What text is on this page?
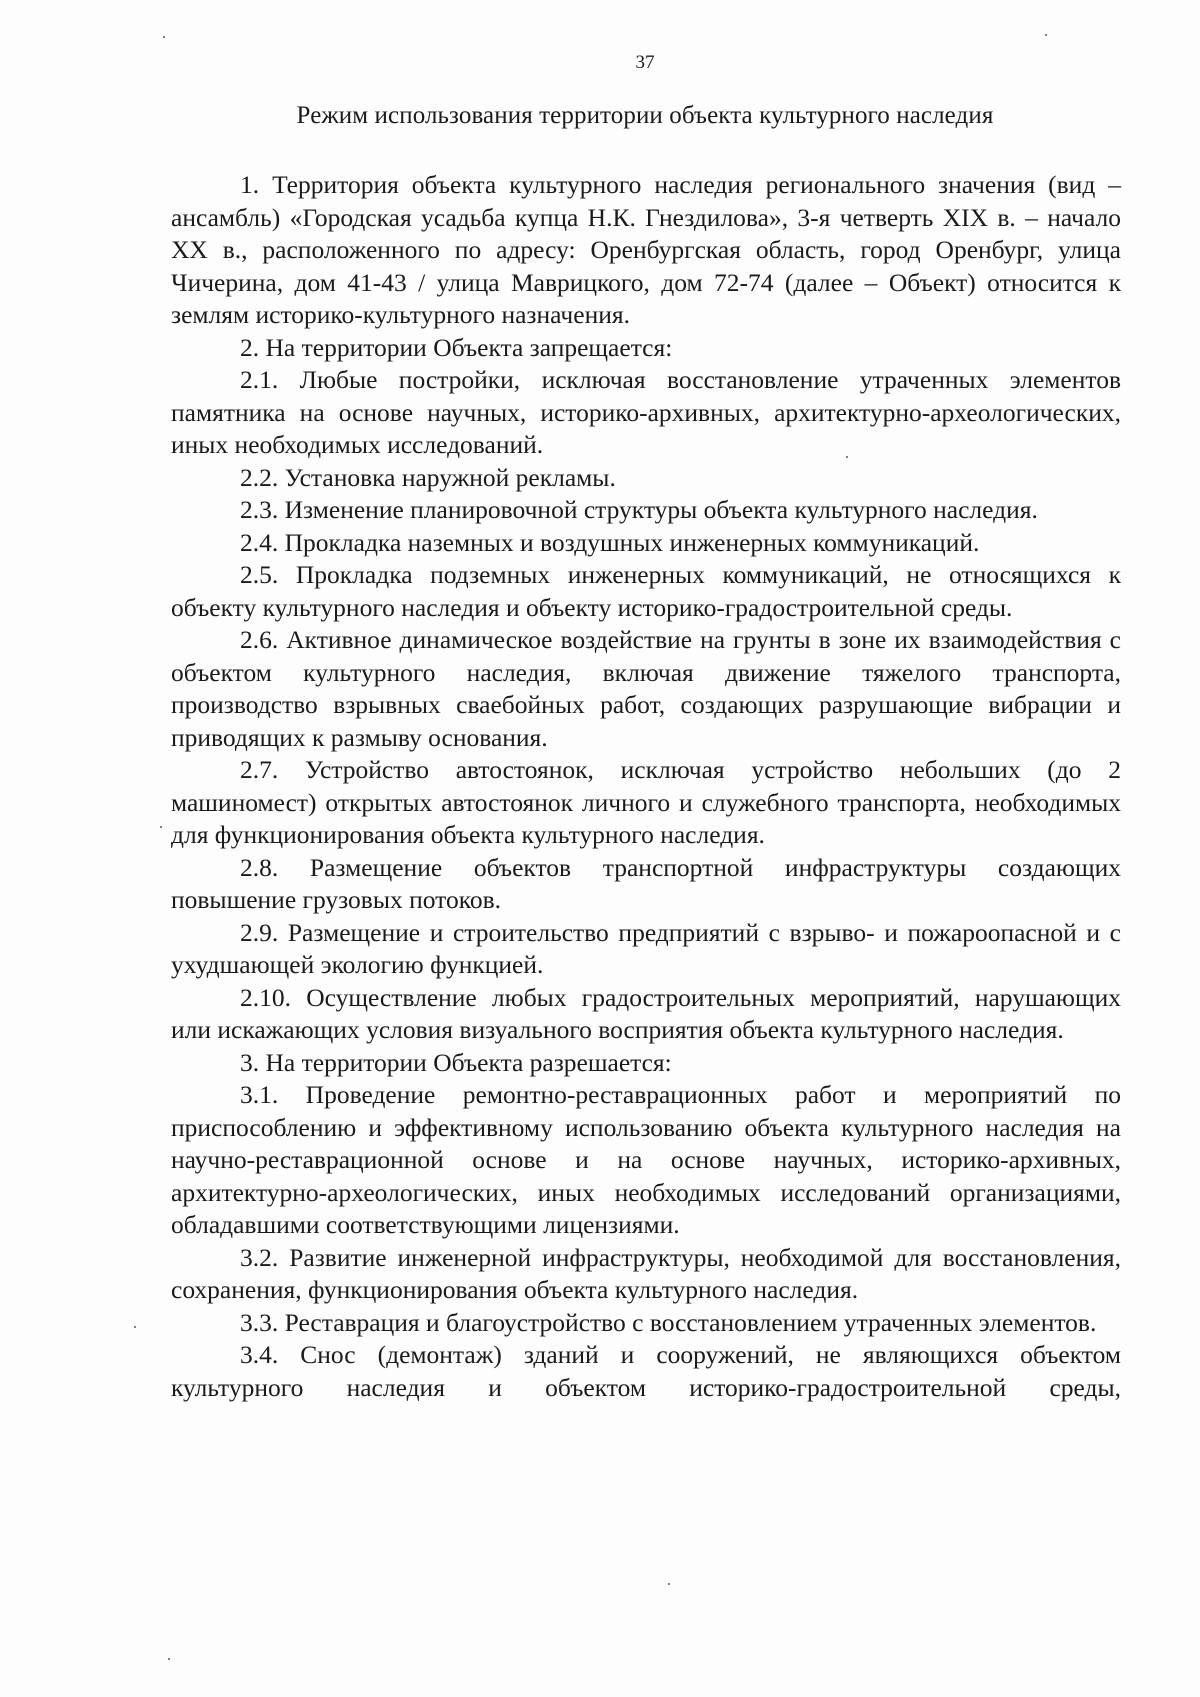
37
Режим использования территории объекта культурного наследия

1. Территория объекта культурного наследия регионального значения (вид – ансамбль) «Городская усадьба купца Н.К. Гнездилова», 3-я четверть XIX в. – начало XX в., расположенного по адресу: Оренбургская область, город Оренбург, улица Чичерина, дом 41-43 / улица Маврицкого, дом 72-74 (далее – Объект) относится к землям историко-культурного назначения.

2. На территории Объекта запрещается:

2.1. Любые постройки, исключая восстановление утраченных элементов памятника на основе научных, историко-архивных, архитектурно-археологических, иных необходимых исследований.

2.2. Установка наружной рекламы.

2.3. Изменение планировочной структуры объекта культурного наследия.

2.4. Прокладка наземных и воздушных инженерных коммуникаций.

2.5. Прокладка подземных инженерных коммуникаций, не относящихся к объекту культурного наследия и объекту историко-градостроительной среды.

2.6. Активное динамическое воздействие на грунты в зоне их взаимодействия с объектом культурного наследия, включая движение тяжелого транспорта, производство взрывных сваебойных работ, создающих разрушающие вибрации и приводящих к размыву основания.

2.7. Устройство автостоянок, исключая устройство небольших (до 2 машиномест) открытых автостоянок личного и служебного транспорта, необходимых для функционирования объекта культурного наследия.

2.8. Размещение объектов транспортной инфраструктуры создающих повышение грузовых потоков.

2.9. Размещение и строительство предприятий с взрыво- и пожароопасной и с ухудшающей экологию функцией.

2.10. Осуществление любых градостроительных мероприятий, нарушающих или искажающих условия визуального восприятия объекта культурного наследия.

3. На территории Объекта разрешается:

3.1. Проведение ремонтно-реставрационных работ и мероприятий по приспособлению и эффективному использованию объекта культурного наследия на научно-реставрационной основе и на основе научных, историко-архивных, архитектурно-археологических, иных необходимых исследований организациями, обладавшими соответствующими лицензиями.

3.2. Развитие инженерной инфраструктуры, необходимой для восстановления, сохранения, функционирования объекта культурного наследия.

3.3. Реставрация и благоустройство с восстановлением утраченных элементов.

3.4. Снос (демонтаж) зданий и сооружений, не являющихся объектом культурного наследия и объектом историко-градостроительной среды,
